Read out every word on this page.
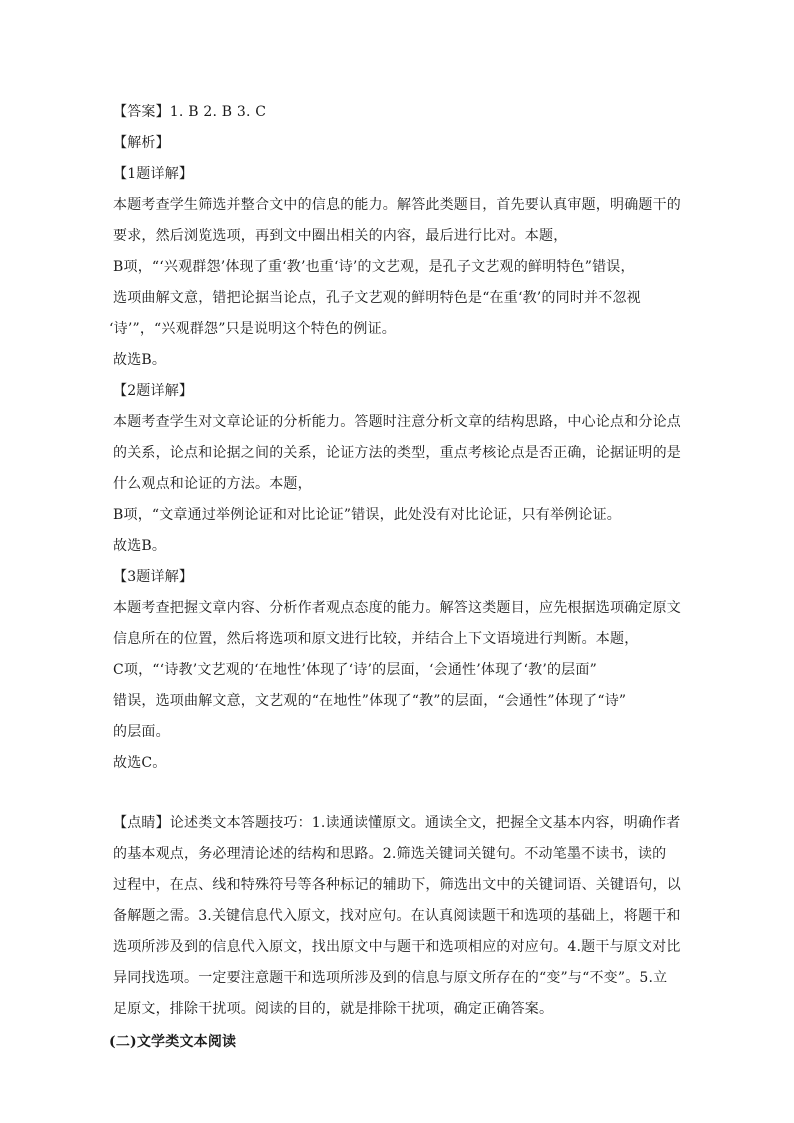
【答案】1. B 2. B 3. C
【解析】
【1题详解】
本题考查学生筛选并整合文中的信息的能力。解答此类题目，首先要认真审题，明确题干的
要求，然后浏览选项，再到文中圈出相关的内容，最后进行比对。本题，
B项，“‘兴观群怨’体现了重‘教’也重‘诗’的文艺观，是孔子文艺观的鲜明特色”错误，
选项曲解文意，错把论据当论点，孔子文艺观的鲜明特色是“在重‘教’的同时并不忽视
‘诗’”，“兴观群怨”只是说明这个特色的例证。
故选B。
【2题详解】
本题考查学生对文章论证的分析能力。答题时注意分析文章的结构思路，中心论点和分论点
的关系，论点和论据之间的关系，论证方法的类型，重点考核论点是否正确，论据证明的是
什么观点和论证的方法。本题，
B项，“文章通过举例论证和对比论证”错误，此处没有对比论证，只有举例论证。
故选B。
【3题详解】
本题考查把握文章内容、分析作者观点态度的能力。解答这类题目，应先根据选项确定原文
信息所在的位置，然后将选项和原文进行比较，并结合上下文语境进行判断。本题，
C项，“‘诗教’文艺观的‘在地性’体现了‘诗’的层面，‘会通性’体现了‘教’的层面”
错误，选项曲解文意，文艺观的“在地性”体现了“教”的层面，“会通性”体现了“诗”
的层面。
故选C。
【点睛】论述类文本答题技巧：1.读通读懂原文。通读全文，把握全文基本内容，明确作者
的基本观点，务必理清论述的结构和思路。2.筛选关键词关键句。不动笔墨不读书，读的
过程中，在点、线和特殊符号等各种标记的辅助下，筛选出文中的关键词语、关键语句，以
备解题之需。3.关键信息代入原文，找对应句。在认真阅读题干和选项的基础上，将题干和
选项所涉及到的信息代入原文，找出原文中与题干和选项相应的对应句。4.题干与原文对比
异同找选项。一定要注意题干和选项所涉及到的信息与原文所存在的“变”与“不变”。5.立
足原文，排除干扰项。阅读的目的，就是排除干扰项，确定正确答案。
(二)文学类文本阅读
